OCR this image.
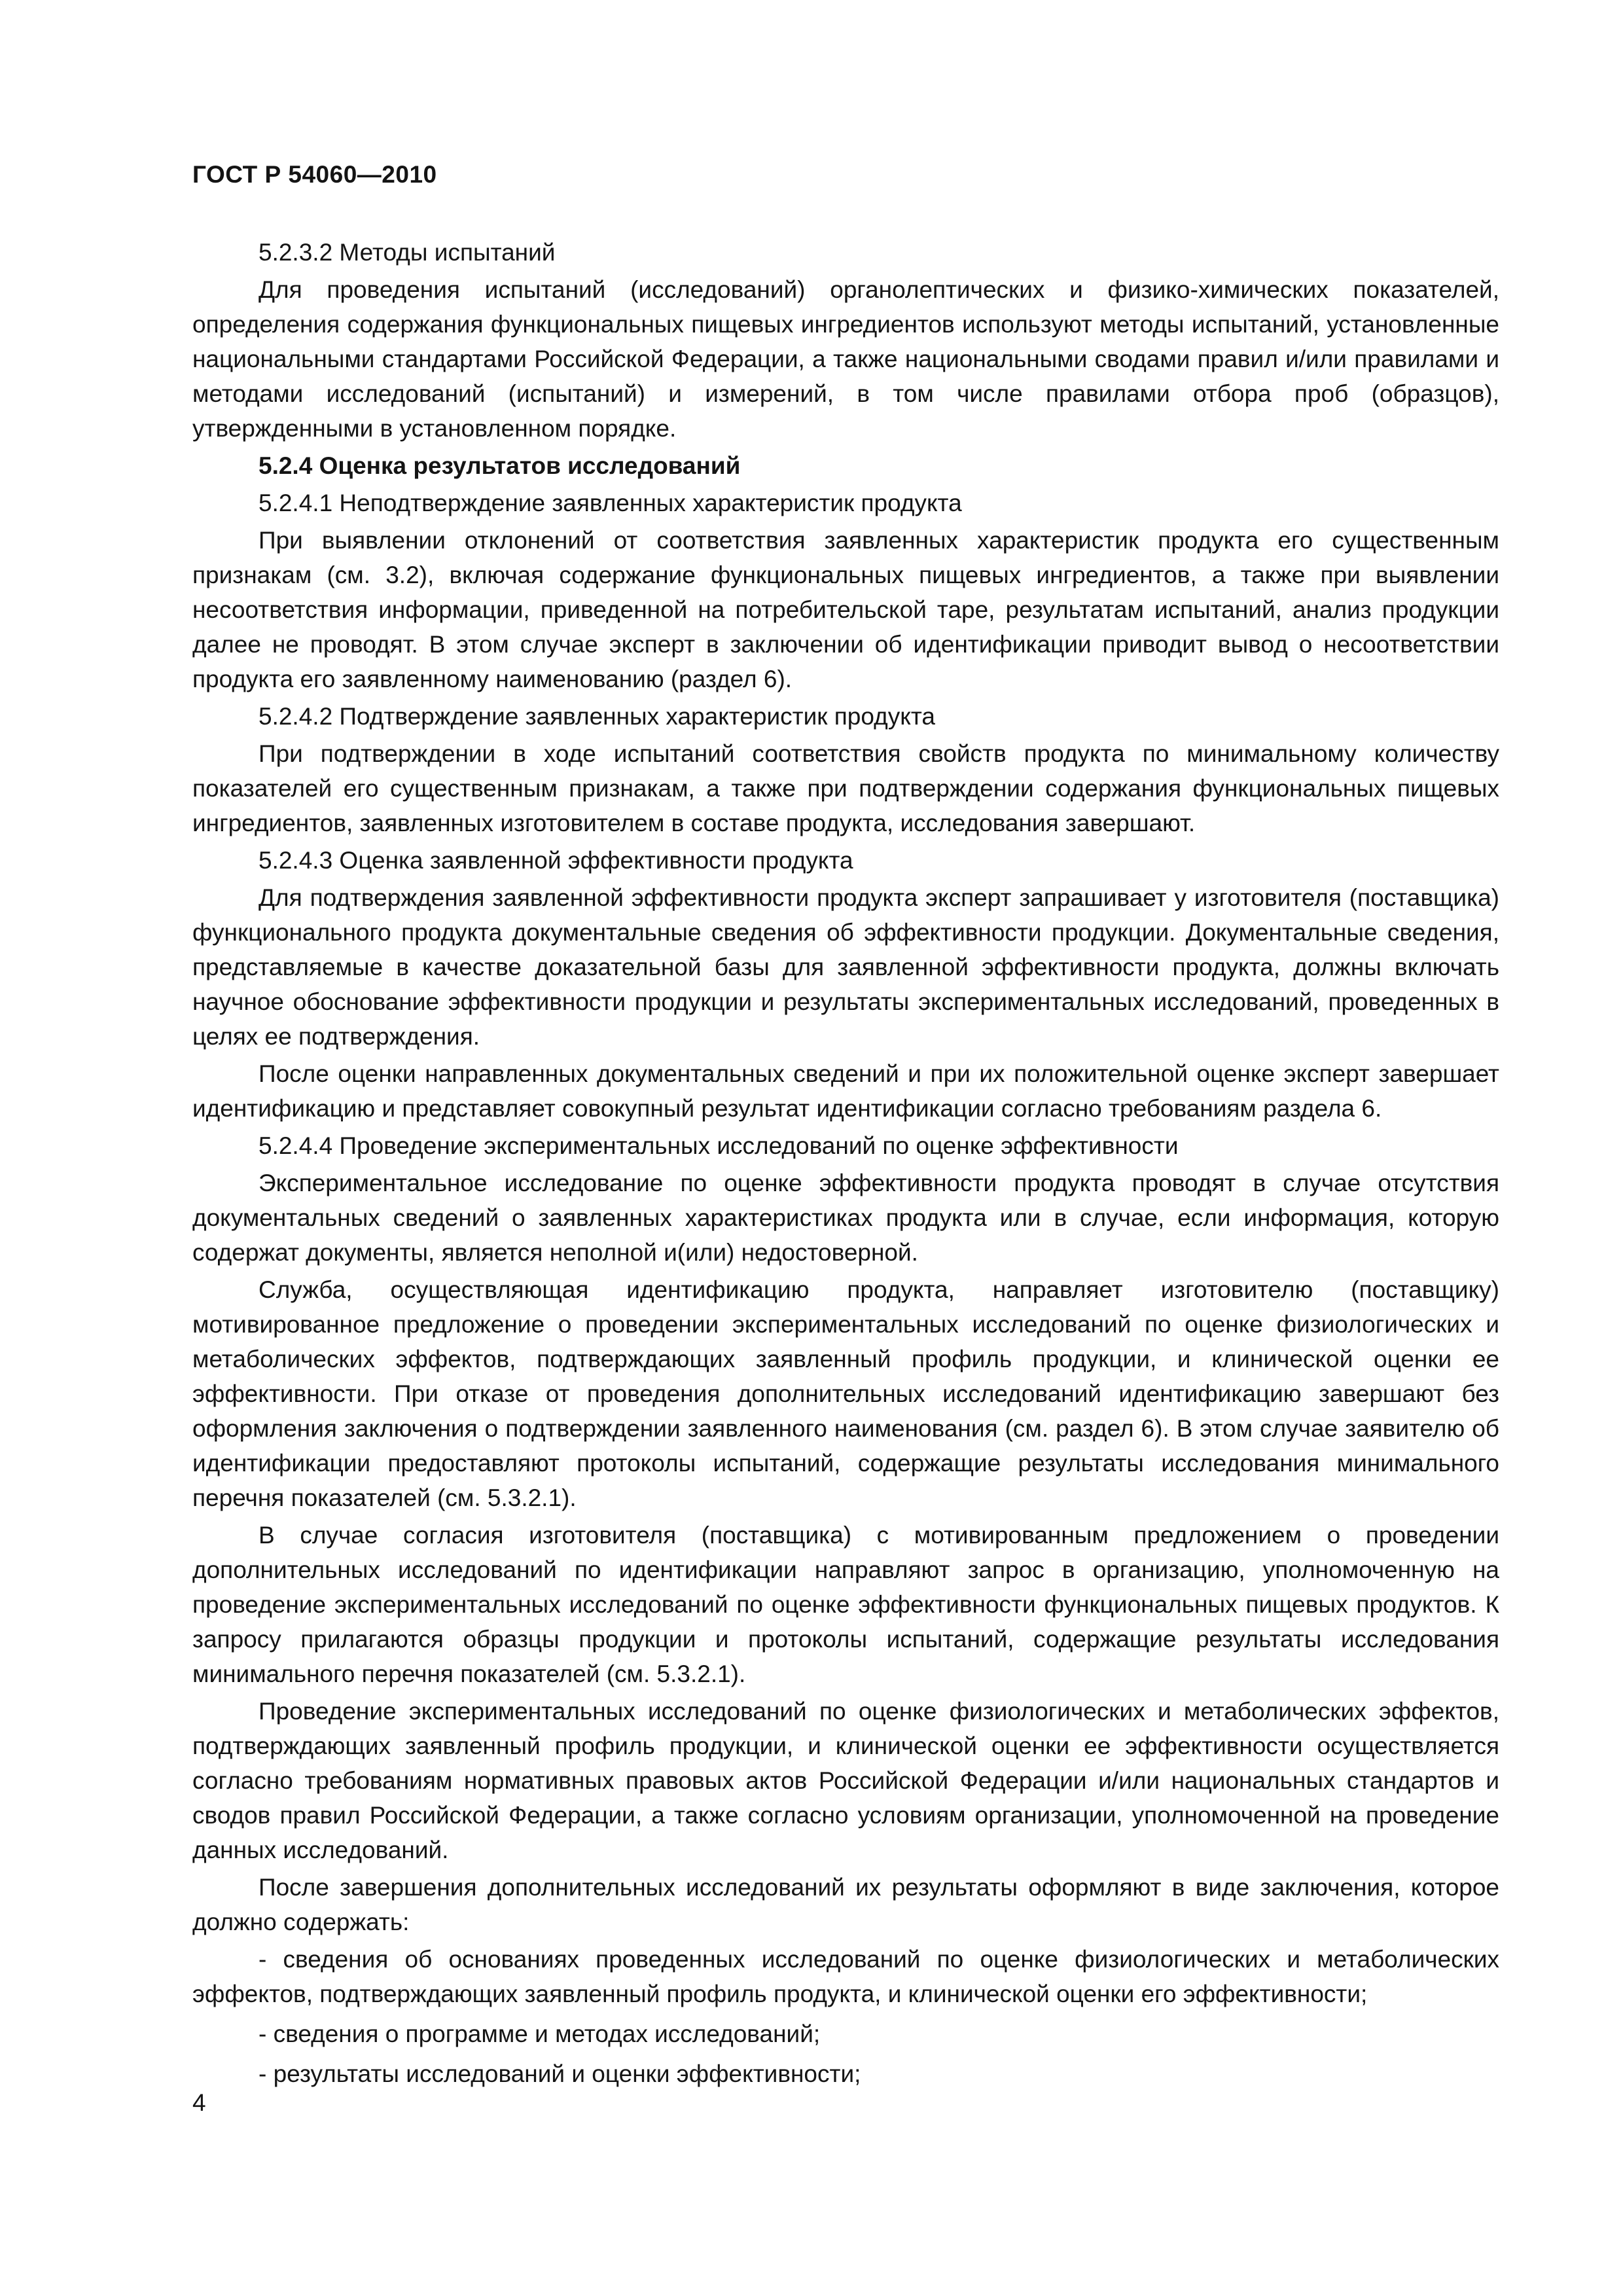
ГОСТ Р 54060—2010

5.2.3.2 Методы испытаний

Для проведения испытаний (исследований) органолептических и физико-химических показателей, определения содержания функциональных пищевых ингредиентов используют методы испытаний, установленные национальными стандартами Российской Федерации, а также национальными сводами правил и/или правилами и методами исследований (испытаний) и измерений, в том числе правилами отбора проб (образцов), утвержденными в установленном порядке.

5.2.4 Оценка результатов исследований

5.2.4.1 Неподтверждение заявленных характеристик продукта

При выявлении отклонений от соответствия заявленных характеристик продукта его существенным признакам (см. 3.2), включая содержание функциональных пищевых ингредиентов, а также при выявлении несоответствия информации, приведенной на потребительской таре, результатам испытаний, анализ продукции далее не проводят. В этом случае эксперт в заключении об идентификации приводит вывод о несоответствии продукта его заявленному наименованию (раздел 6).

5.2.4.2 Подтверждение заявленных характеристик продукта

При подтверждении в ходе испытаний соответствия свойств продукта по минимальному количеству показателей его существенным признакам, а также при подтверждении содержания функциональных пищевых ингредиентов, заявленных изготовителем в составе продукта, исследования завершают.

5.2.4.3 Оценка заявленной эффективности продукта

Для подтверждения заявленной эффективности продукта эксперт запрашивает у изготовителя (поставщика) функционального продукта документальные сведения об эффективности продукции. Документальные сведения, представляемые в качестве доказательной базы для заявленной эффективности продукта, должны включать научное обоснование эффективности продукции и результаты экспериментальных исследований, проведенных в целях ее подтверждения.

После оценки направленных документальных сведений и при их положительной оценке эксперт завершает идентификацию и представляет совокупный результат идентификации согласно требованиям раздела 6.

5.2.4.4 Проведение экспериментальных исследований по оценке эффективности

Экспериментальное исследование по оценке эффективности продукта проводят в случае отсутствия документальных сведений о заявленных характеристиках продукта или в случае, если информация, которую содержат документы, является неполной и(или) недостоверной.

Служба, осуществляющая идентификацию продукта, направляет изготовителю (поставщику) мотивированное предложение о проведении экспериментальных исследований по оценке физиологических и метаболических эффектов, подтверждающих заявленный профиль продукции, и клинической оценки ее эффективности. При отказе от проведения дополнительных исследований идентификацию завершают без оформления заключения о подтверждении заявленного наименования (см. раздел 6). В этом случае заявителю об идентификации предоставляют протоколы испытаний, содержащие результаты исследования минимального перечня показателей (см. 5.3.2.1).

В случае согласия изготовителя (поставщика) с мотивированным предложением о проведении дополнительных исследований по идентификации направляют запрос в организацию, уполномоченную на проведение экспериментальных исследований по оценке эффективности функциональных пищевых продуктов. К запросу прилагаются образцы продукции и протоколы испытаний, содержащие результаты исследования минимального перечня показателей (см. 5.3.2.1).

Проведение экспериментальных исследований по оценке физиологических и метаболических эффектов, подтверждающих заявленный профиль продукции, и клинической оценки ее эффективности осуществляется согласно требованиям нормативных правовых актов Российской Федерации и/или национальных стандартов и сводов правил Российской Федерации, а также согласно условиям организации, уполномоченной на проведение данных исследований.

После завершения дополнительных исследований их результаты оформляют в виде заключения, которое должно содержать:

- сведения об основаниях проведенных исследований по оценке физиологических и метаболических эффектов, подтверждающих заявленный профиль продукта, и клинической оценки его эффективности;

- сведения о программе и методах исследований;

- результаты исследований и оценки эффективности;

4
